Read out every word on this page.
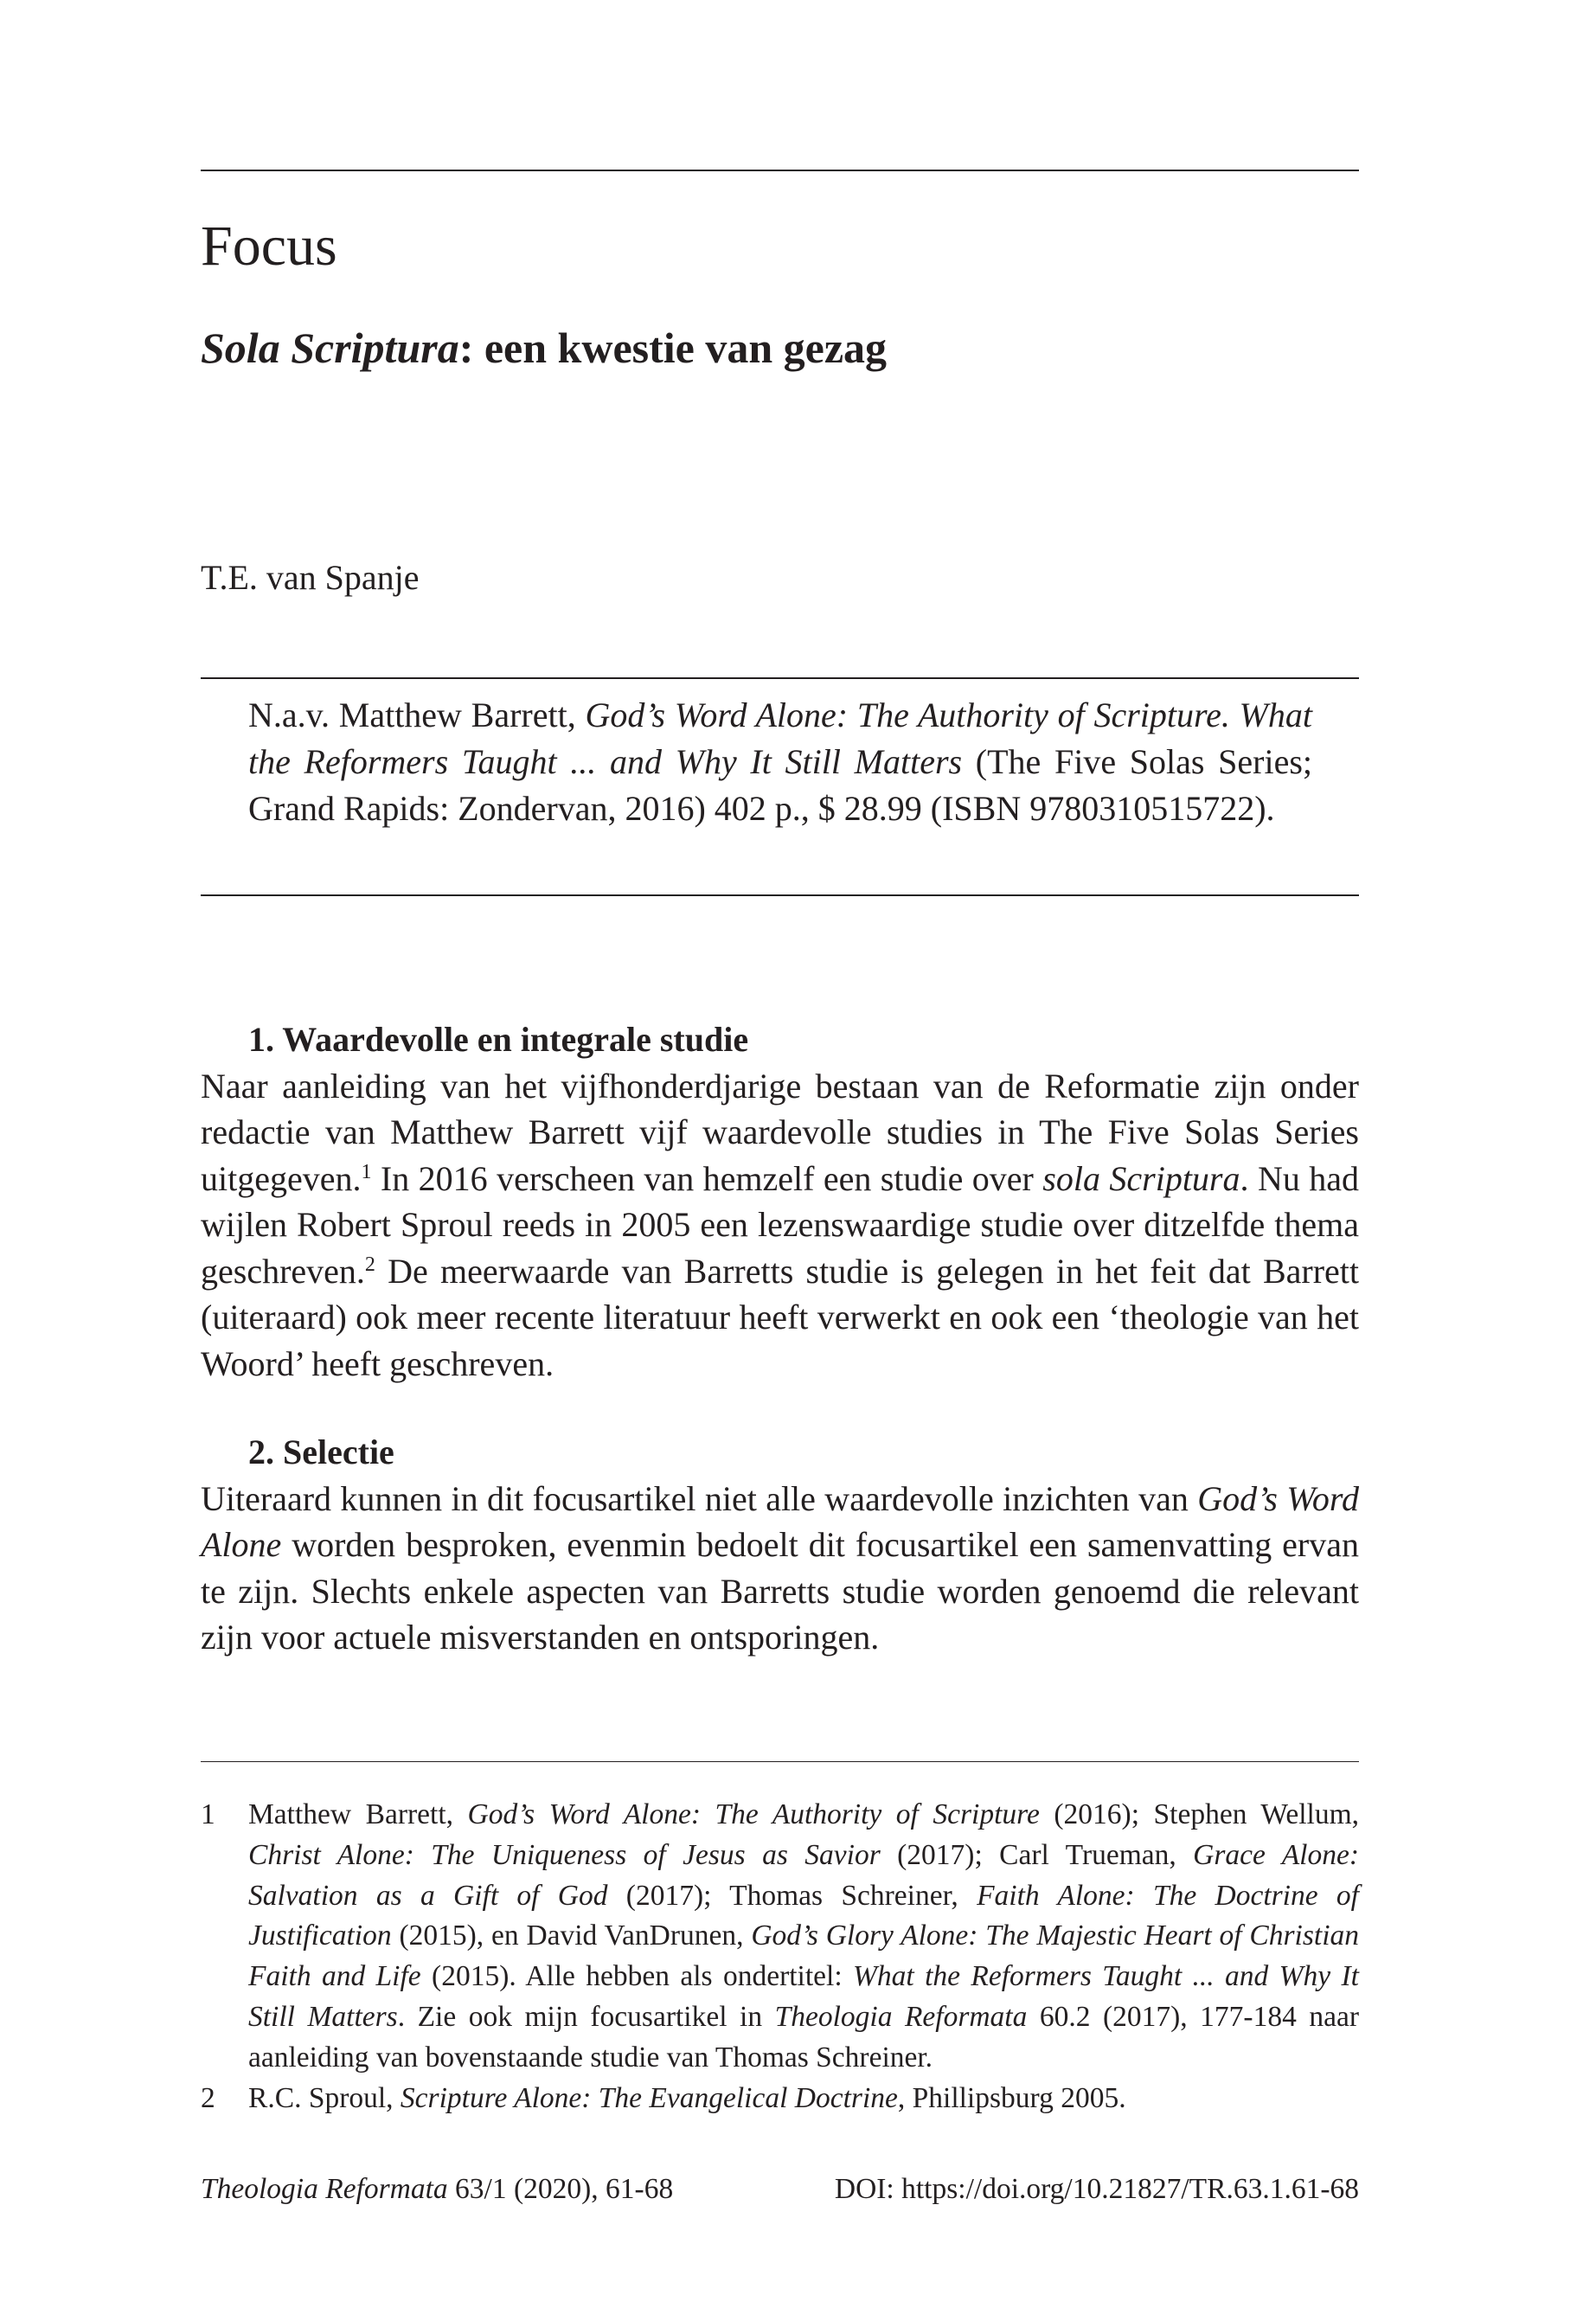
Focus
Sola Scriptura: een kwestie van gezag
T.E. van Spanje
N.a.v. Matthew Barrett, God’s Word Alone: The Authority of Scripture. What the Reformers Taught ... and Why It Still Matters (The Five Solas Series; Grand Rapids: Zondervan, 2016) 402 p., $ 28.99 (ISBN 9780310515722).
1. Waardevolle en integrale studie
Naar aanleiding van het vijfhonderdjarige bestaan van de Reformatie zijn onder redactie van Matthew Barrett vijf waardevolle studies in The Five Solas Series uitgegeven.$^1$ In 2016 verscheen van hemzelf een studie over sola Scriptura. Nu had wijlen Robert Sproul reeds in 2005 een lezenswaardige studie over ditzelfde thema geschreven.$^2$ De meerwaarde van Barretts studie is gelegen in het feit dat Barrett (uiteraard) ook meer recente literatuur heeft verwerkt en ook een ‘theologie van het Woord’ heeft geschreven.
2. Selectie
Uiteraard kunnen in dit focusartikel niet alle waardevolle inzichten van God’s Word Alone worden besproken, evenmin bedoelt dit focusartikel een samenvatting ervan te zijn. Slechts enkele aspecten van Barretts studie worden genoemd die relevant zijn voor actuele misverstanden en ontsporingen.
1	Matthew Barrett, God’s Word Alone: The Authority of Scripture (2016); Stephen Wellum, Christ Alone: The Uniqueness of Jesus as Savior (2017); Carl Trueman, Grace Alone: Salvation as a Gift of God (2017); Thomas Schreiner, Faith Alone: The Doctrine of Justification (2015), en David VanDrunen, God’s Glory Alone: The Majestic Heart of Christian Faith and Life (2015). Alle hebben als ondertitel: What the Reformers Taught ... and Why It Still Matters. Zie ook mijn focusartikel in Theologia Reformata 60.2 (2017), 177-184 naar aanleiding van bovenstaande studie van Thomas Schreiner.
2	R.C. Sproul, Scripture Alone: The Evangelical Doctrine, Phillipsburg 2005.
Theologia Reformata 63/1 (2020), 61-68	DOI: https://doi.org/10.21827/TR.63.1.61-68
